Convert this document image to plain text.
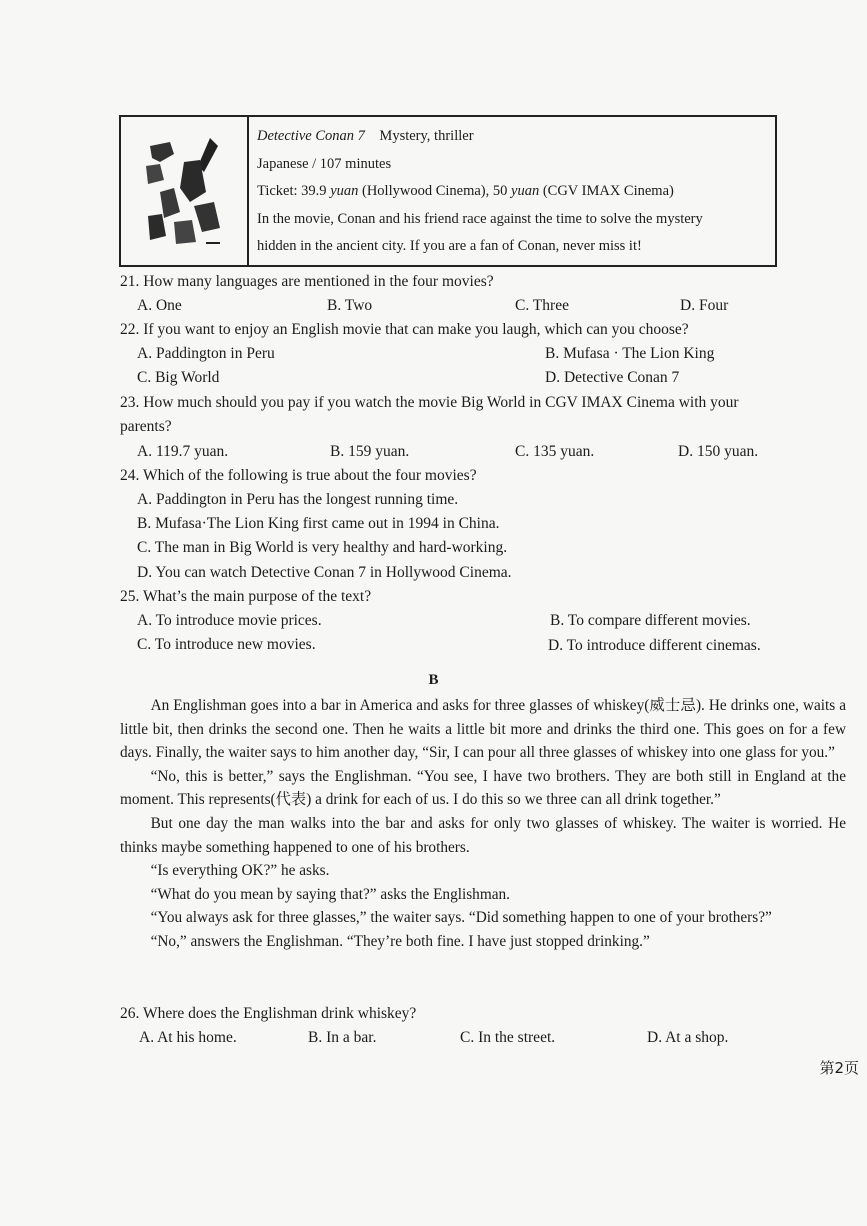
Detective Conan 7 Mystery, thriller
Japanese / 107 minutes
Ticket: 39.9 yuan (Hollywood Cinema), 50 yuan (CGV IMAX Cinema)
In the movie, Conan and his friend race against the time to solve the mystery
hidden in the ancient city. If you are a fan of Conan, never miss it!
21. How many languages are mentioned in the four movies?
A. One	B. Two	C. Three	D. Four
22. If you want to enjoy an English movie that can make you laugh, which can you choose?
A. Paddington in Peru	B. Mufasa · The Lion King
C. Big World	D. Detective Conan 7
23. How much should you pay if you watch the movie Big World in CGV IMAX Cinema with your
parents?
A. 119.7 yuan.	B. 159 yuan.	C. 135 yuan.	D. 150 yuan.
24. Which of the following is true about the four movies?
A. Paddington in Peru has the longest running time.
B. Mufasa·The Lion King first came out in 1994 in China.
C. The man in Big World is very healthy and hard-working.
D. You can watch Detective Conan 7 in Hollywood Cinema.
25. What’s the main purpose of the text?
A. To introduce movie prices.	B. To compare different movies.
C. To introduce new movies.	D. To introduce different cinemas.
B

An Englishman goes into a bar in America and asks for three glasses of whiskey(威士忌). He drinks one, waits a little bit, then drinks the second one. Then he waits a little bit more and drinks the third one. This goes on for a few days. Finally, the waiter says to him another day, “Sir, I can pour all three glasses of whiskey into one glass for you.”

“No, this is better,” says the Englishman. “You see, I have two brothers. They are both still in England at the moment. This represents(代表) a drink for each of us. I do this so we three can all drink together.”

But one day the man walks into the bar and asks for only two glasses of whiskey. The waiter is worried. He thinks maybe something happened to one of his brothers.

“Is everything OK?” he asks.

“What do you mean by saying that?” asks the Englishman.

“You always ask for three glasses,” the waiter says. “Did something happen to one of your brothers?”

“No,” answers the Englishman. “They’re both fine. I have just stopped drinking.”

26. Where does the Englishman drink whiskey?
A. At his home.	B. In a bar.	C. In the street.	D. At a shop.
第2页
